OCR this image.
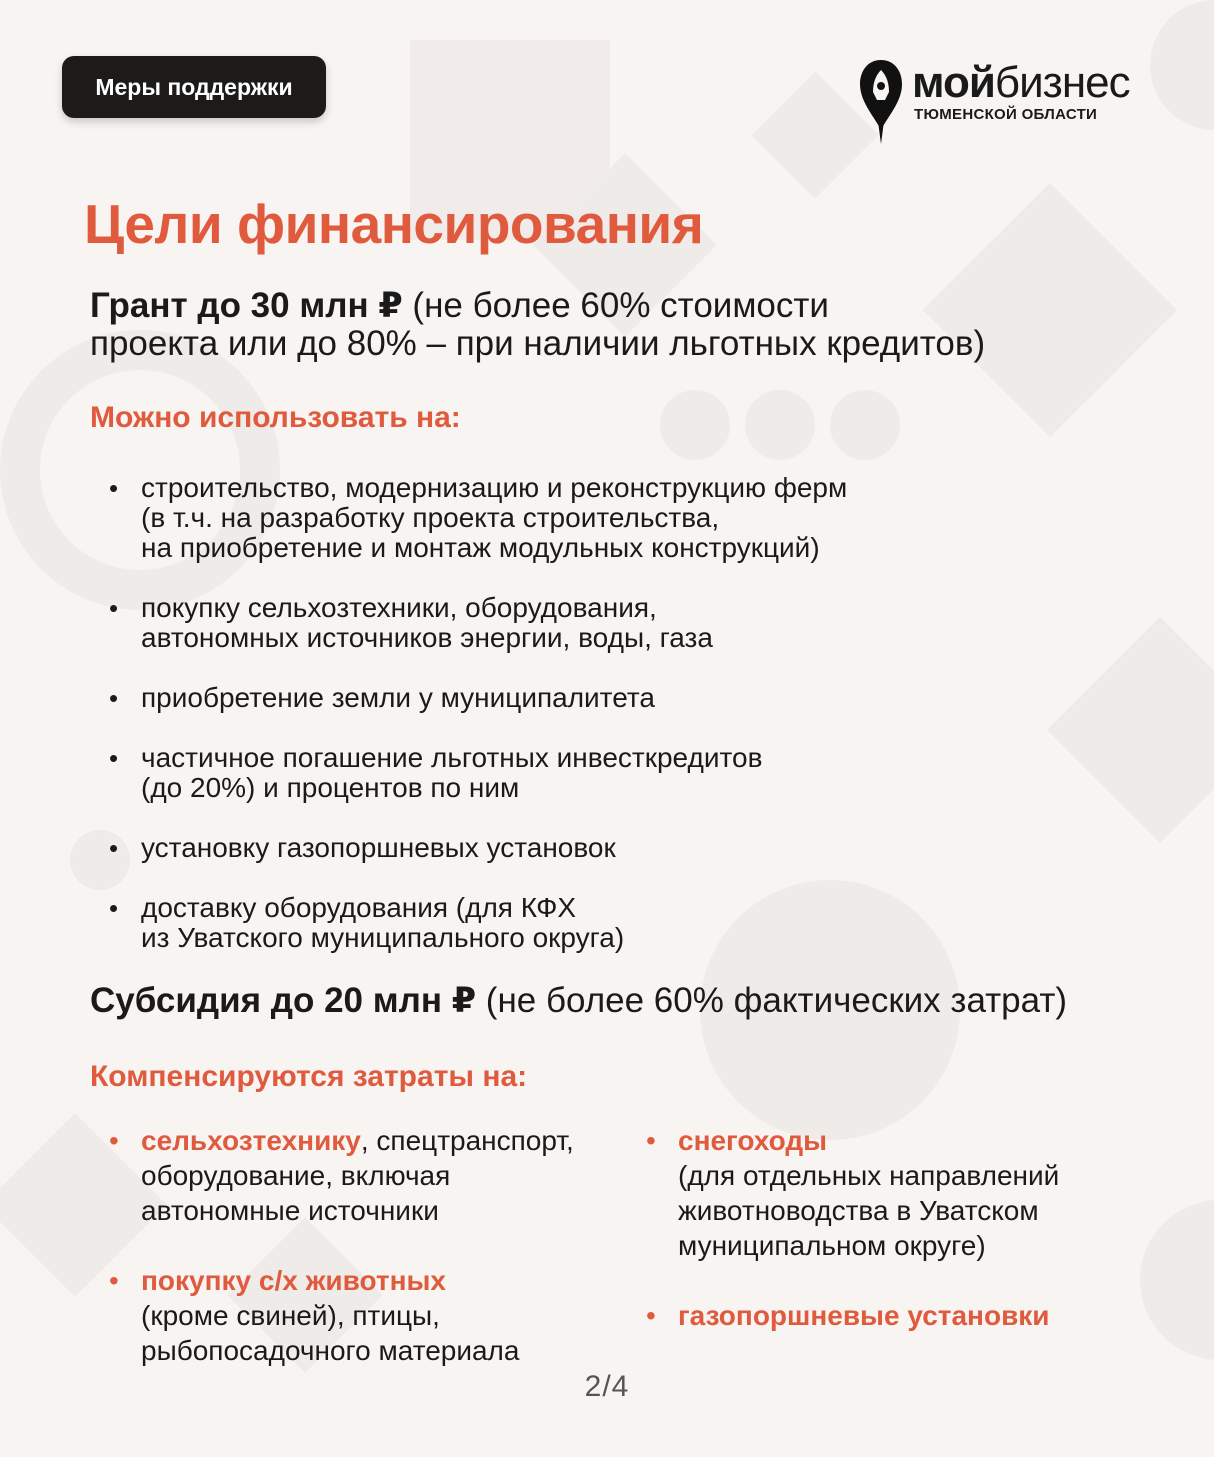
Меры поддержки	мойбизнес
ТЮМЕНСКОЙ ОБЛАСТИ
Цели финансирования

Грант до 30 млн ₽ (не более 60% стоимости
проекта или до 80% – при наличии льготных кредитов)

Можно использовать на:

• строительство, модернизацию и реконструкцию ферм
(в т.ч. на разработку проекта строительства,
на приобретение и монтаж модульных конструкций)
• покупку сельхозтехники, оборудования,
автономных источников энергии, воды, газа
• приобретение земли у муниципалитета
• частичное погашение льготных инвесткредитов
(до 20%) и процентов по ним
• установку газопоршневых установок
• доставку оборудования (для КФХ
из Уватского муниципального округа)

Субсидия до 20 млн ₽ (не более 60% фактических затрат)

Компенсируются затраты на:

• сельхозтехнику, спецтранспорт,
оборудование, включая
автономные источники
• покупку с/х животных
(кроме свиней), птицы,
рыбопосадочного материала
• снегоходы
(для отдельных направлений
животноводства в Уватском
муниципальном округе)
• газопоршневые установки
2/4
